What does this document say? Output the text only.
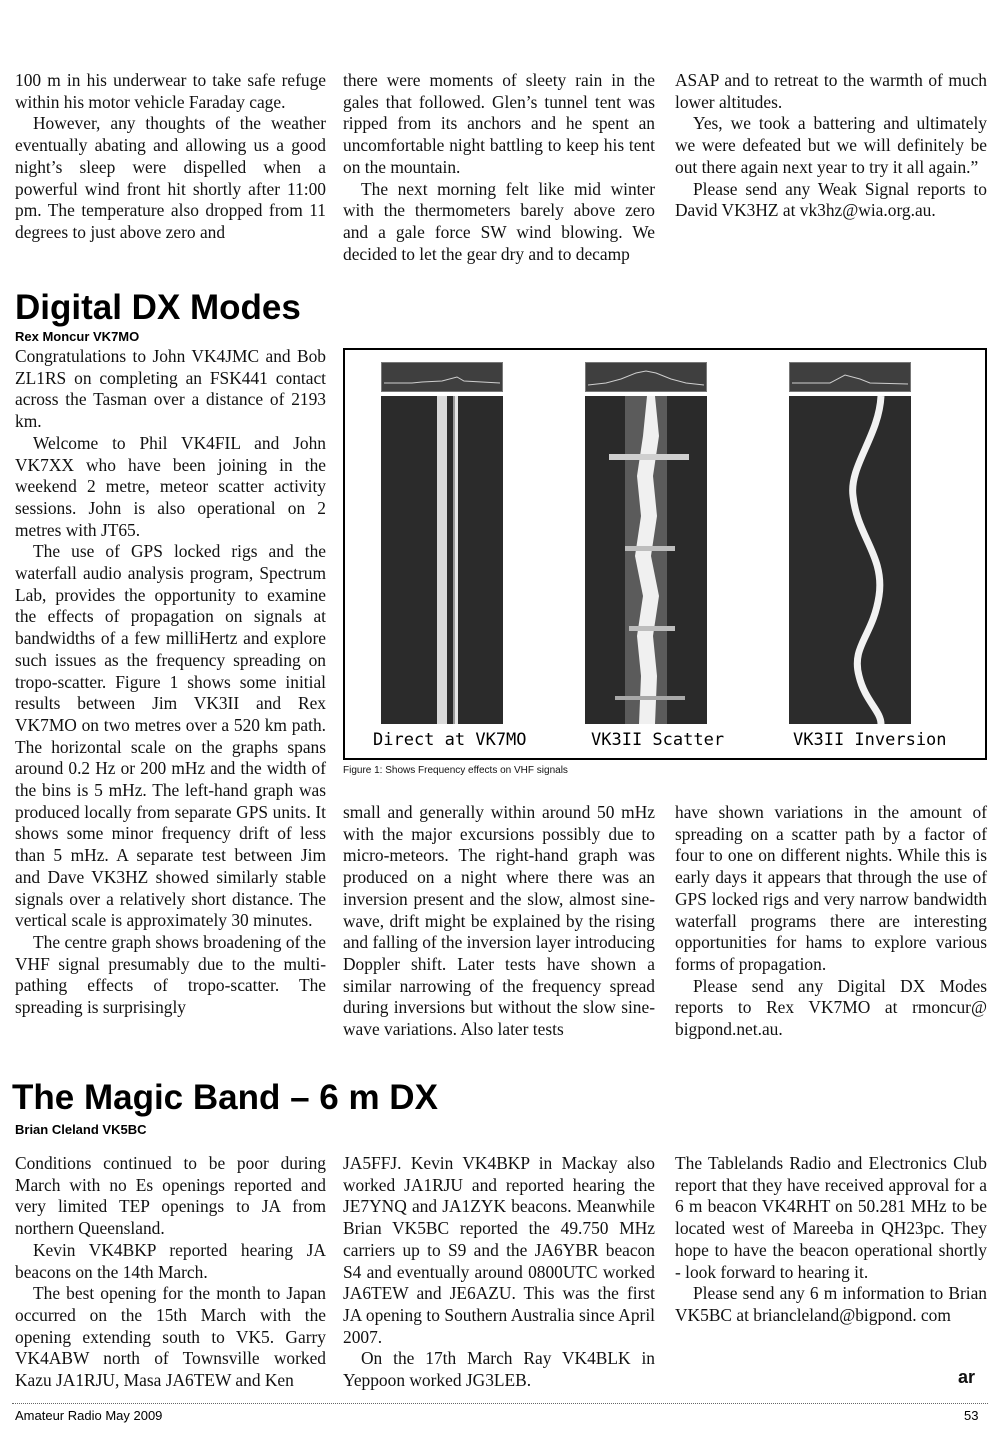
100 m in his underwear to take safe refuge within his motor vehicle Faraday cage.

However, any thoughts of the weather eventually abating and allowing us a good night’s sleep were dispelled when a powerful wind front hit shortly after 11:00 pm. The temperature also dropped from 11 degrees to just above zero and

there were moments of sleety rain in the gales that followed. Glen’s tunnel tent was ripped from its anchors and he spent an uncomfortable night battling to keep his tent on the mountain.

The next morning felt like mid winter with the thermometers barely above zero and a gale force SW wind blowing. We decided to let the gear dry and to decamp

ASAP and to retreat to the warmth of much lower altitudes.

Yes, we took a battering and ultimately we were defeated but we will definitely be out there again next year to try it all again.”

Please send any Weak Signal reports to David VK3HZ at vk3hz@wia.org.au.

Digital DX Modes
Rex Moncur VK7MO

Congratulations to John VK4JMC and Bob ZL1RS on completing an FSK441 contact across the Tasman over a distance of 2193 km.

Welcome to Phil VK4FIL and John VK7XX who have been joining in the weekend 2 metre, meteor scatter activity sessions. John is also operational on 2 metres with JT65.

The use of GPS locked rigs and the waterfall audio analysis program, Spectrum Lab, provides the opportunity to examine the effects of propagation on signals at bandwidths of a few milliHertz and explore such issues as the frequency spreading on tropo-scatter. Figure 1 shows some initial results between Jim VK3II and Rex VK7MO on two metres over a 520 km path. The horizontal scale on the graphs spans around 0.2 Hz or 200 mHz and the width of the bins is 5 mHz. The left-hand graph was produced locally from separate GPS units. It shows some minor frequency drift of less than 5 mHz. A separate test between Jim and Dave VK3HZ showed similarly stable signals over a relatively short distance. The vertical scale is approximately 30 minutes.

The centre graph shows broadening of the VHF signal presumably due to the multi-pathing effects of tropo-scatter. The spreading is surprisingly

Direct at VK7MO	VK3II Scatter	VK3II Inversion
Figure 1: Shows Frequency effects on VHF signals

small and generally within around 50 mHz with the major excursions possibly due to micro-meteors. The right-hand graph was produced on a night where there was an inversion present and the slow, almost sine-wave, drift might be explained by the rising and falling of the inversion layer introducing Doppler shift. Later tests have shown a similar narrowing of the frequency spread during inversions but without the slow sine-wave variations. Also later tests

have shown variations in the amount of spreading on a scatter path by a factor of four to one on different nights. While this is early days it appears that through the use of GPS locked rigs and very narrow bandwidth waterfall programs there are interesting opportunities for hams to explore various forms of propagation.

Please send any Digital DX Modes reports to Rex VK7MO at rmoncur@ bigpond.net.au.

The Magic Band – 6 m DX
Brian Cleland VK5BC

Conditions continued to be poor during March with no Es openings reported and very limited TEP openings to JA from northern Queensland.

Kevin VK4BKP reported hearing JA beacons on the 14th March.

The best opening for the month to Japan occurred on the 15th March with the opening extending south to VK5. Garry VK4ABW north of Townsville worked Kazu JA1RJU, Masa JA6TEW and Ken

JA5FFJ. Kevin VK4BKP in Mackay also worked JA1RJU and reported hearing the JE7YNQ and JA1ZYK beacons. Meanwhile Brian VK5BC reported the 49.750 MHz carriers up to S9 and the JA6YBR beacon S4 and eventually around 0800UTC worked JA6TEW and JE6AZU. This was the first JA opening to Southern Australia since April 2007.

On the 17th March Ray VK4BLK in Yeppoon worked JG3LEB.

The Tablelands Radio and Electronics Club report that they have received approval for a 6 m beacon VK4RHT on 50.281 MHz to be located west of Mareeba in QH23pc. They hope to have the beacon operational shortly - look forward to hearing it.

Please send any 6 m information to Brian VK5BC at briancleland@bigpond. com

ar
Amateur Radio May 2009	53
